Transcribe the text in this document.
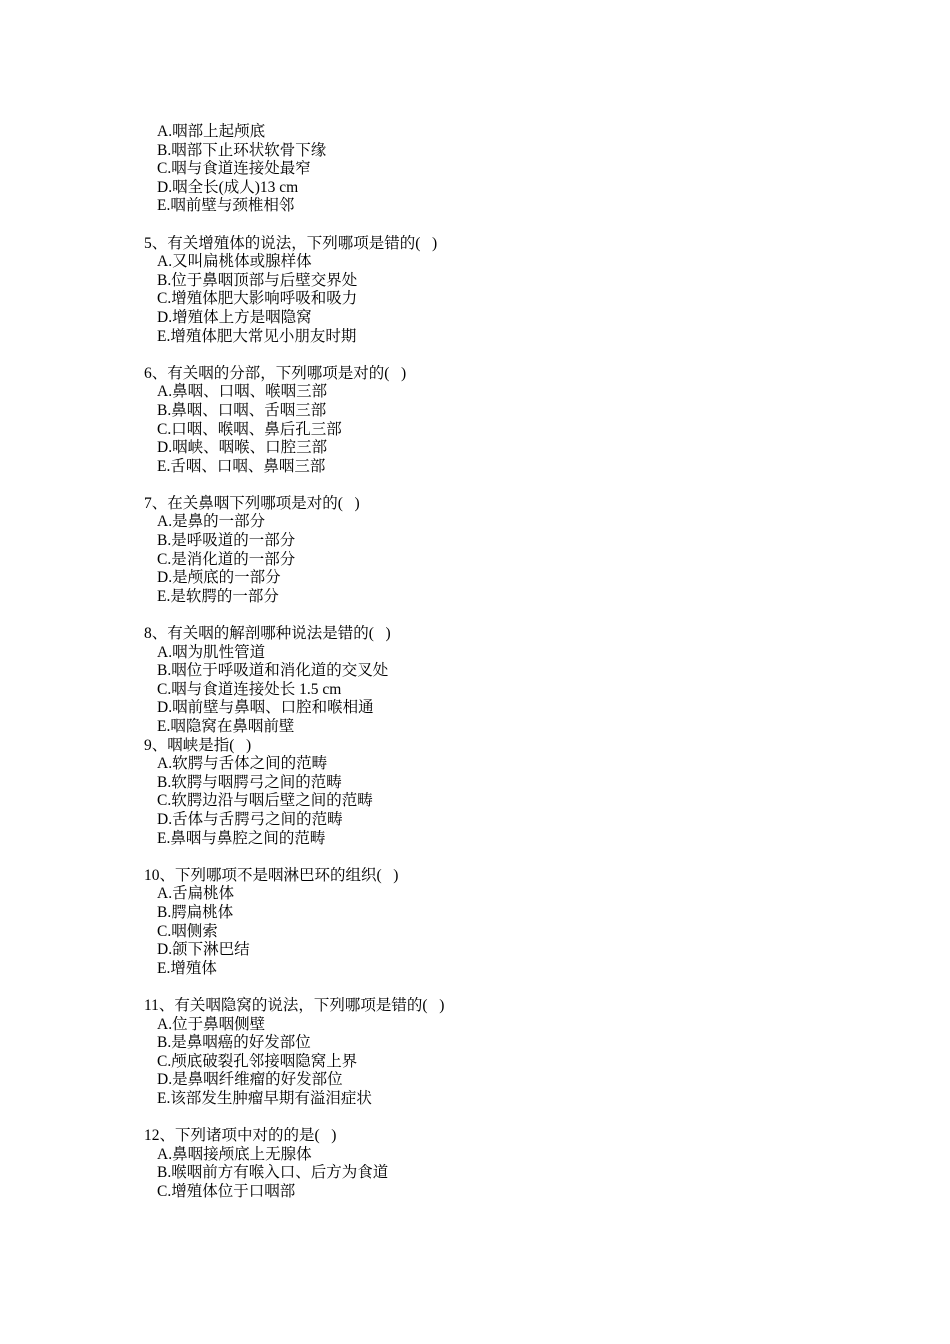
A.咽部上起颅底
B.咽部下止环状软骨下缘
C.咽与食道连接处最窄
D.咽全长(成人)13 cm
E.咽前壁与颈椎相邻
5、有关增殖体的说法，下列哪项是错的(   )
A.又叫扁桃体或腺样体
B.位于鼻咽顶部与后壁交界处
C.增殖体肥大影响呼吸和吸力
D.增殖体上方是咽隐窝
E.增殖体肥大常见小朋友时期
6、有关咽的分部，下列哪项是对的(   )
A.鼻咽、口咽、喉咽三部
B.鼻咽、口咽、舌咽三部
C.口咽、喉咽、鼻后孔三部
D.咽峡、咽喉、口腔三部
E.舌咽、口咽、鼻咽三部
7、在关鼻咽下列哪项是对的(   )
A.是鼻的一部分
B.是呼吸道的一部分
C.是消化道的一部分
D.是颅底的一部分
E.是软腭的一部分
8、有关咽的解剖哪种说法是错的(   )
A.咽为肌性管道
B.咽位于呼吸道和消化道的交叉处
C.咽与食道连接处长 1.5 cm
D.咽前壁与鼻咽、口腔和喉相通
E.咽隐窝在鼻咽前壁
9、咽峡是指(   )
A.软腭与舌体之间的范畴
B.软腭与咽腭弓之间的范畴
C.软腭边沿与咽后壁之间的范畴
D.舌体与舌腭弓之间的范畴
E.鼻咽与鼻腔之间的范畴
10、下列哪项不是咽淋巴环的组织(   )
A.舌扁桃体
B.腭扁桃体
C.咽侧索
D.颌下淋巴结
E.增殖体
11、有关咽隐窝的说法，下列哪项是错的(   )
A.位于鼻咽侧壁
B.是鼻咽癌的好发部位
C.颅底破裂孔邻接咽隐窝上界
D.是鼻咽纤维瘤的好发部位
E.该部发生肿瘤早期有溢泪症状
12、下列诸项中对的的是(   )
A.鼻咽接颅底上无腺体
B.喉咽前方有喉入口、后方为食道
C.增殖体位于口咽部
